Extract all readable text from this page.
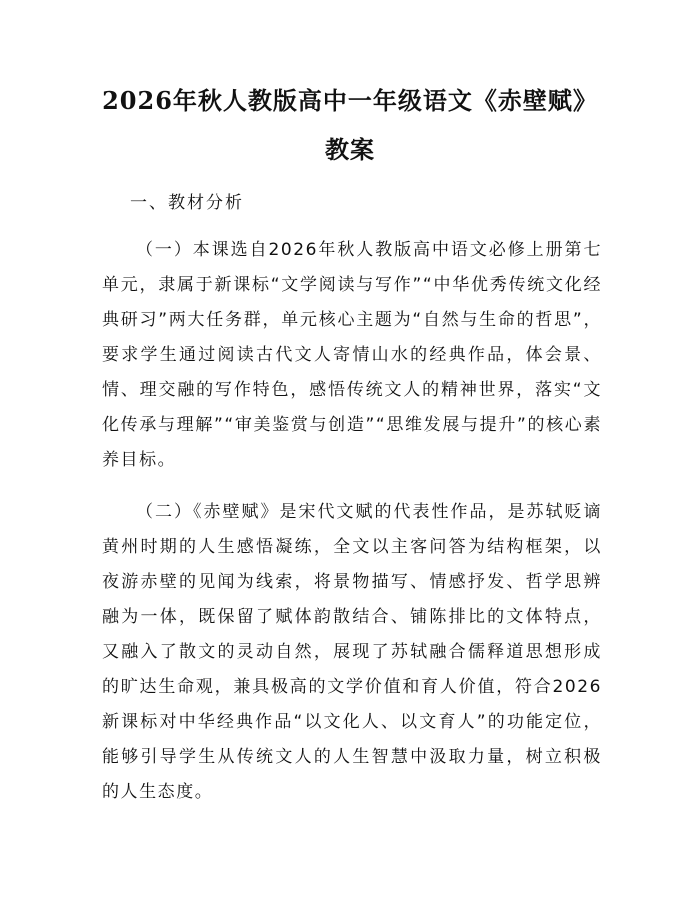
2026年秋人教版高中一年级语文《赤壁赋》
教案

一、教材分析

（一）本课选自2026年秋人教版高中语文必修上册第七单元，隶属于新课标“文学阅读与写作”“中华优秀传统文化经典研习”两大任务群，单元核心主题为“自然与生命的哲思”，要求学生通过阅读古代文人寄情山水的经典作品，体会景、情、理交融的写作特色，感悟传统文人的精神世界，落实“文化传承与理解”“审美鉴赏与创造”“思维发展与提升”的核心素养目标。

（二）《赤壁赋》是宋代文赋的代表性作品，是苏轼贬谪黄州时期的人生感悟凝练，全文以主客问答为结构框架，以夜游赤壁的见闻为线索，将景物描写、情感抒发、哲学思辨融为一体，既保留了赋体韵散结合、铺陈排比的文体特点，又融入了散文的灵动自然，展现了苏轼融合儒释道思想形成的旷达生命观，兼具极高的文学价值和育人价值，符合2026新课标对中华经典作品“以文化人、以文育人”的功能定位，能够引导学生从传统文人的人生智慧中汲取力量，树立积极的人生态度。
